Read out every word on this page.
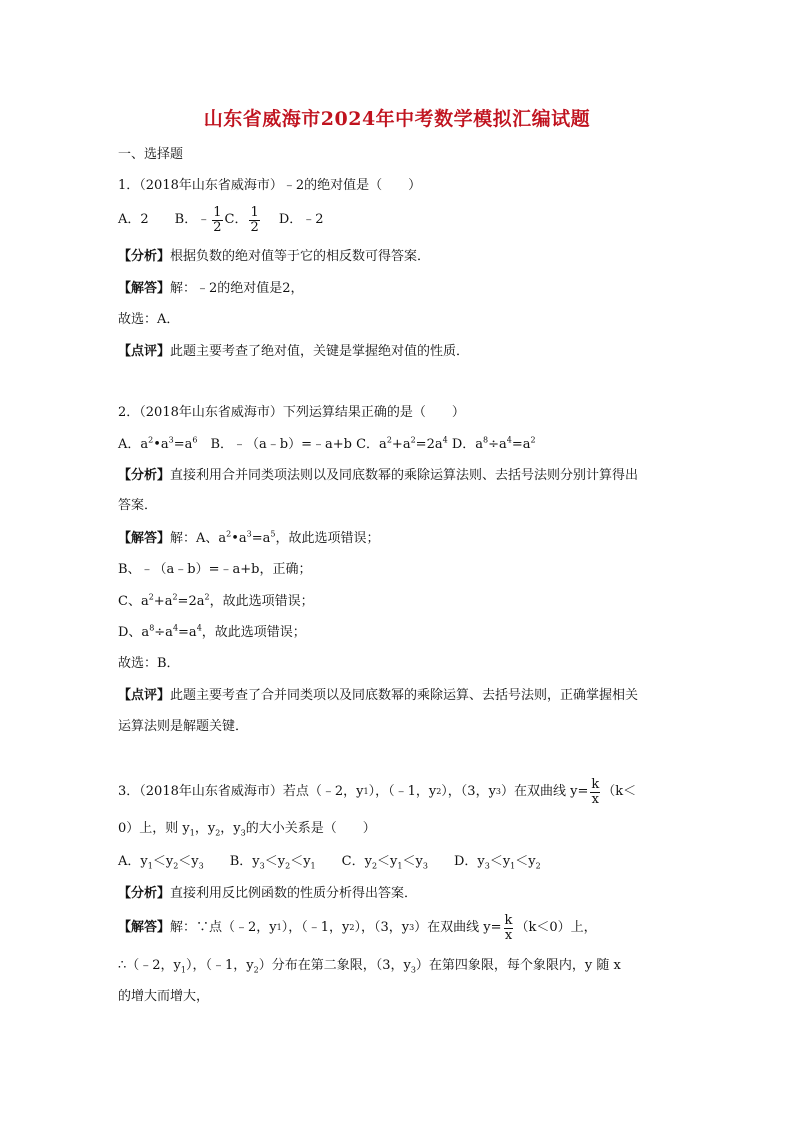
山东省威海市2024年中考数学模拟汇编试题
一、选择题
1．（2018年山东省威海市）﹣2的绝对值是（　　）
A．2　　B． ﹣ $\frac{1}{2}$ C． $\frac{1}{2}$ 　 D．﹣2
【分析】根据负数的绝对值等于它的相反数可得答案．
【解答】解：﹣2的绝对值是2，
故选：A．
【点评】此题主要考查了绝对值，关键是掌握绝对值的性质．
2．（2018年山东省威海市）下列运算结果正确的是（　　）
A．$a^2•a^3=a^6$　B．﹣（a﹣b）=﹣a+b C．$a^2+a^2=2a^4$ D．$a^8\div a^4=a^2$
【分析】直接利用合并同类项法则以及同底数幂的乘除运算法则、去括号法则分别计算得出
答案．
【解答】解：A、$a^2•a^3=a^5$，故此选项错误；
B、﹣（a﹣b）=﹣a+b，正确；
C、$a^2+a^2=2a^2$，故此选项错误；
D、$a^8\div a^4=a^4$，故此选项错误；
故选：B．
【点评】此题主要考查了合并同类项以及同底数幂的乘除运算、去括号法则，正确掌握相关
运算法则是解题关键．
3．（2018年山东省威海市）若点（﹣2，y 1 ），（﹣1，y 2 ），（3，y 3 ）在双曲线 $y= \frac{k}{x} (k<$
0）上，则 $y_1$，$y_2$，$y_3$的大小关系是（　　）
A．$y_1<y_2<y_3$　　B．$y_3<y_2<y_1$　　C．$y_2<y_1<y_3$　　D．$y_3<y_1<y_2$
【分析】直接利用反比例函数的性质分析得出答案．
【解答】 解：∵点（﹣2，y 1 ），（﹣1，y 2 ），（3，y 3 ）在双曲线 $y= \frac{k}{x} (k<0)$上，
∴（﹣2，$y_1$），（﹣1，$y_2$）分布在第二象限，（3，$y_3$）在第四象限，每个象限内，y 随 x
的增大而增大，
